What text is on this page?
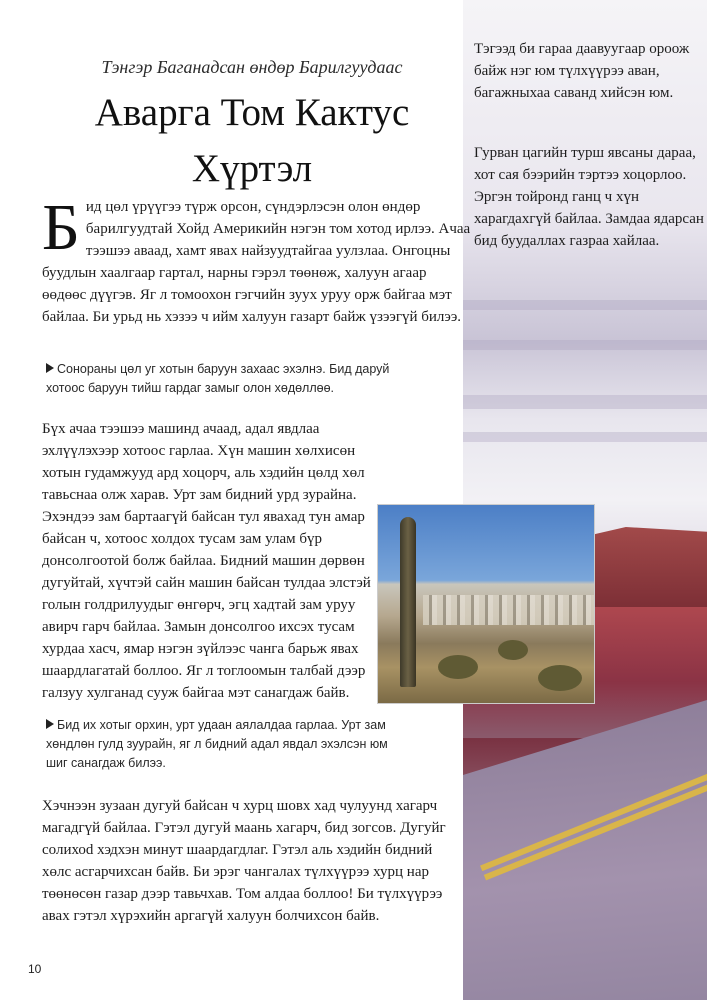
Тэнгэр Баганадсан өндөр Барилгуудаас
Аварга Том Кактус
Хүртэл

Бид цөл үрүүгээ түрж орсон, сүндэрлэсэн олон өндөр барилгуудтай Хойд Америкийн нэгэн том хотод ирлээ. Ачаа тээшээ аваад, хамт явах найзуудтайгаа уулзлаа. Онгоцны буудлын хаалгаар гартал, нарны гэрэл төөнөж, халуун агаар өөдөөс дүүгэв. Яг л томоохон гэгчийн зуух уруу орж байгаа мэт байлаа. Би урьд нь хэзээ ч ийм халуун газарт байж үзээгүй билээ.

Сонораны цөл уг хотын баруун захаас эхэлнэ. Бид даруй хотоос баруун тийш гардаг замыг олон хөдөллөө.

Бүх ачаа тээшээ машинд ачаад, адал явдлаа эхлүүлэхээр хотоос гарлаа. Хүн машин хөлхисөн хотын гудамжууд ард хоцорч, аль хэдийн цөлд хөл тавьснаа олж харав. Урт зам бидний урд зурайна. Эхэндээ зам бартаагүй байсан тул явахад тун амар байсан ч, хотоос холдох тусам зам улам бүр донсолгоотой болж байлаа. Бидний машин дөрвөн дугуйтай, хүчтэй сайн машин байсан тулдаа элстэй голын голдрилуудыг өнгөрч, эгц хадтай зам уруу авирч гарч байлаа. Замын донсолгоо ихсэх тусам хурдаа хасч, ямар нэгэн зүйлээс чанга барьж явах шаардлагатай боллоо. Яг л тоглоомын талбай дээр галзуу хулганад сууж байгаа мэт санагдаж байв.

Бид их хотыг орхин, урт удаан аялалдаа гарлаа. Урт зам хөндлөн гулд зуурайн, яг л бидний адал явдал эхэлсэн юм шиг санагдаж билээ.

Хэчнээн зузаан дугуй байсан ч хурц шовх хад чулуунд хагарч магадгүй байлаа. Гэтэл дугуй маань хагарч, бид зогсов. Дугуйг солихоd хэдхэн минут шаардагдлаг. Гэтэл аль хэдийн бидний хөлс асгарчихсан байв. Би эрэг чангалах түлхүүрээ хурц нар төөнөсөн газар дээр тавьчхав. Том алдаа боллоо! Би түлхүүрээ авах гэтэл хүрэхийн аргагүй халуун болчихсон байв.

Тэгээд би гараа даавуугаар ороож байж нэг юм түлхүүрээ аван, багажныхаа саванд хийсэн юм.
Гурван цагийн турш явсаны дараа, хот сая бээрийн тэртээ хоцорлоо. Эргэн тойронд ганц ч хүн харагдахгүй байлаа. Замдаа ядарсан бид буудаллах газраа хайлаа.
10
